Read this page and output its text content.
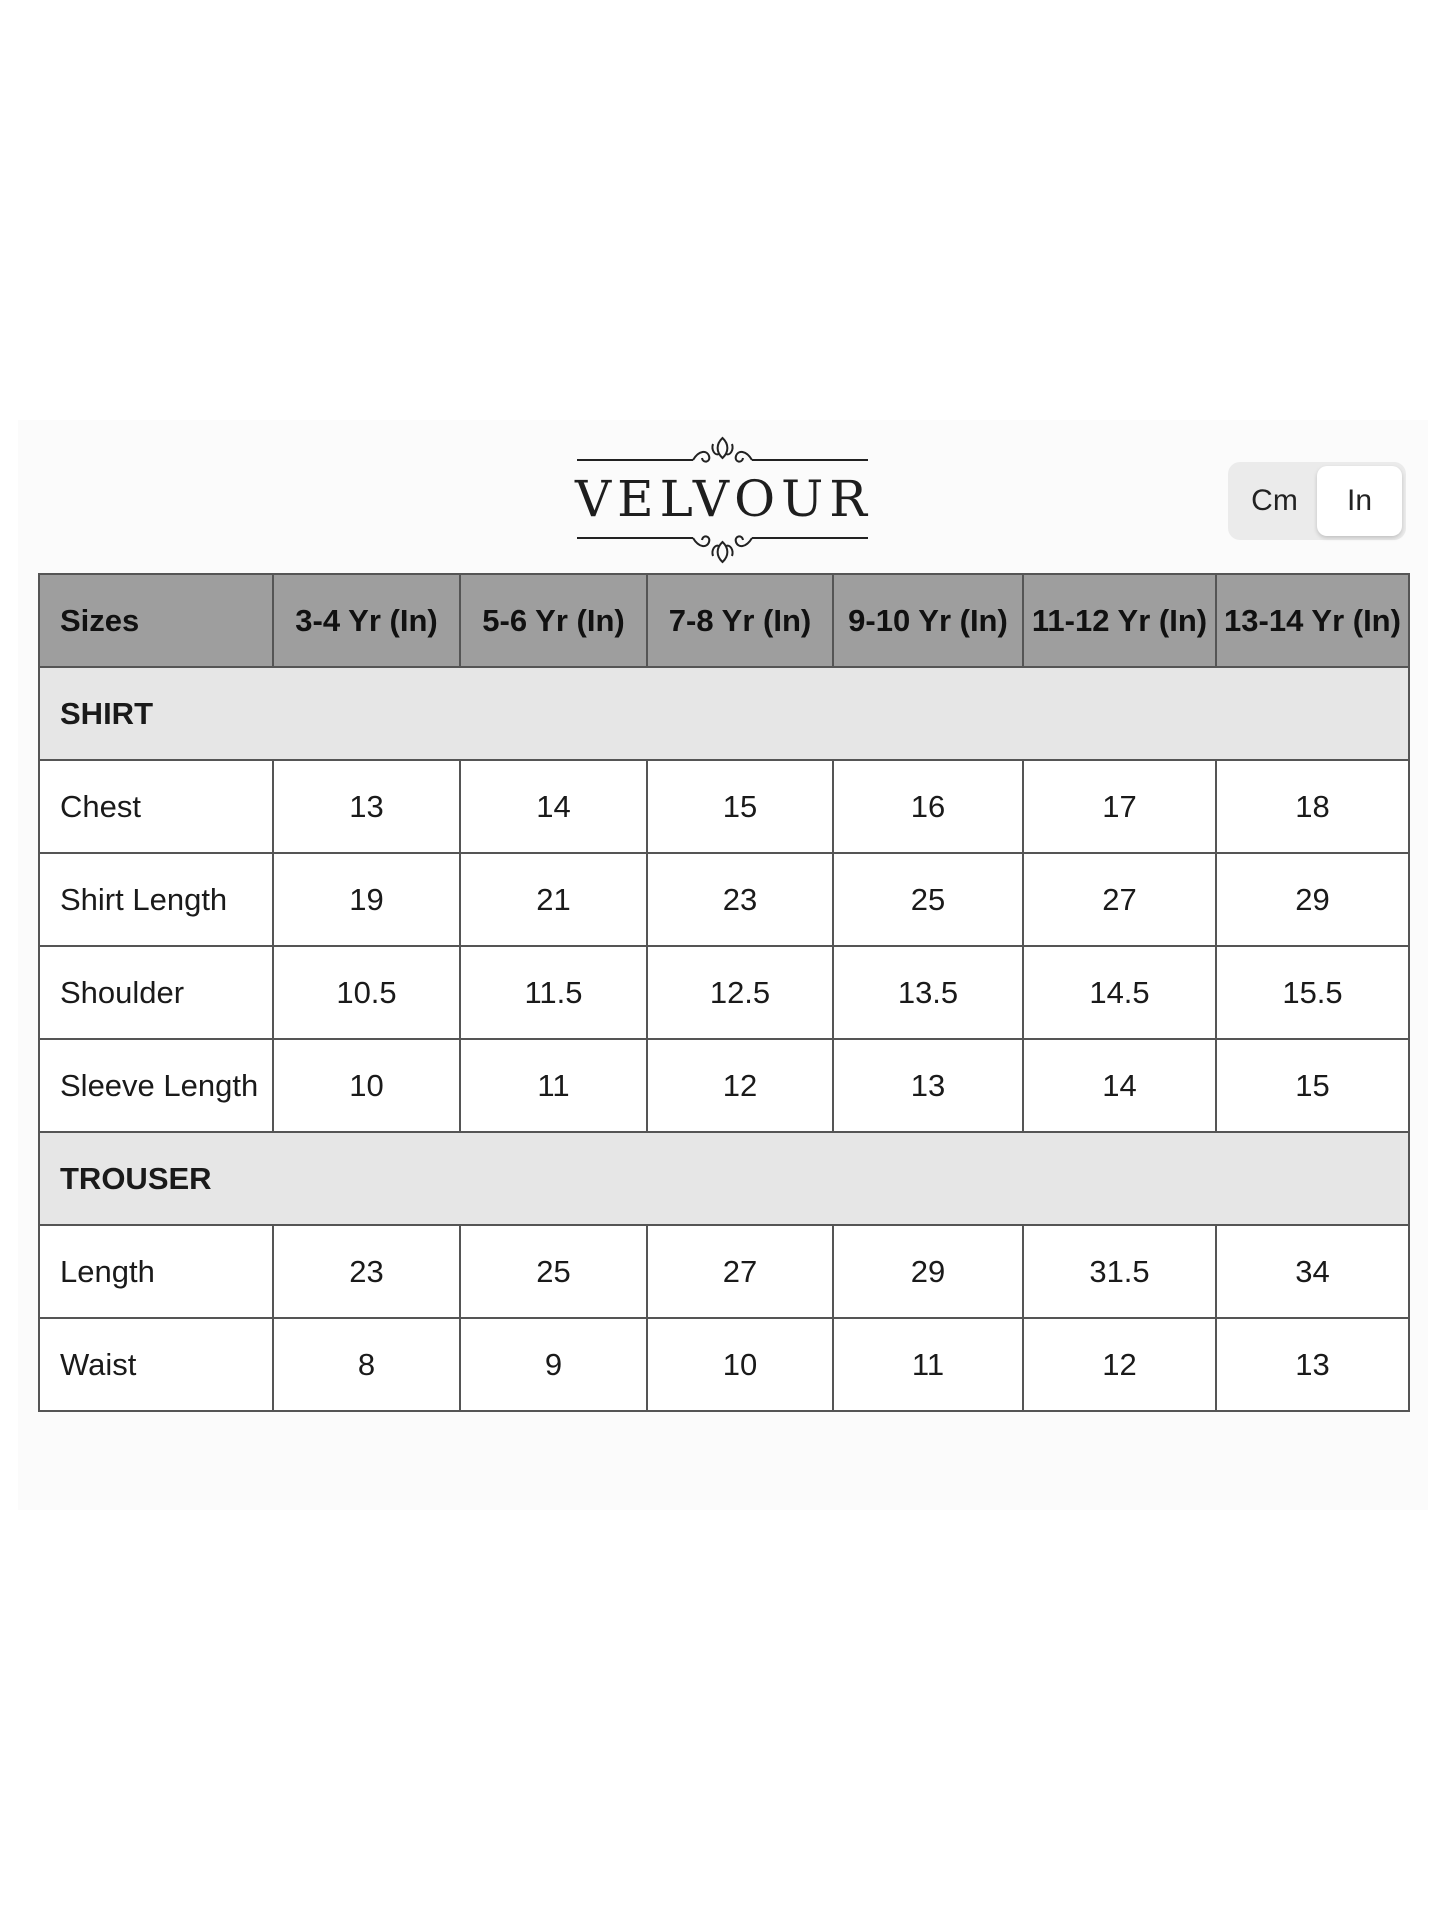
VELVOUR	Cm	In
Sizes	3-4 Yr (In)	5-6 Yr (In)	7-8 Yr (In)	9-10 Yr (In)	11-12 Yr (In)	13-14 Yr (In)
SHIRT						
Chest	13	14	15	16	17	18
Shirt Length	19	21	23	25	27	29
Shoulder	10.5	11.5	12.5	13.5	14.5	15.5
Sleeve Length	10	11	12	13	14	15
TROUSER						
Length	23	25	27	29	31.5	34
Waist	8	9	10	11	12	13
